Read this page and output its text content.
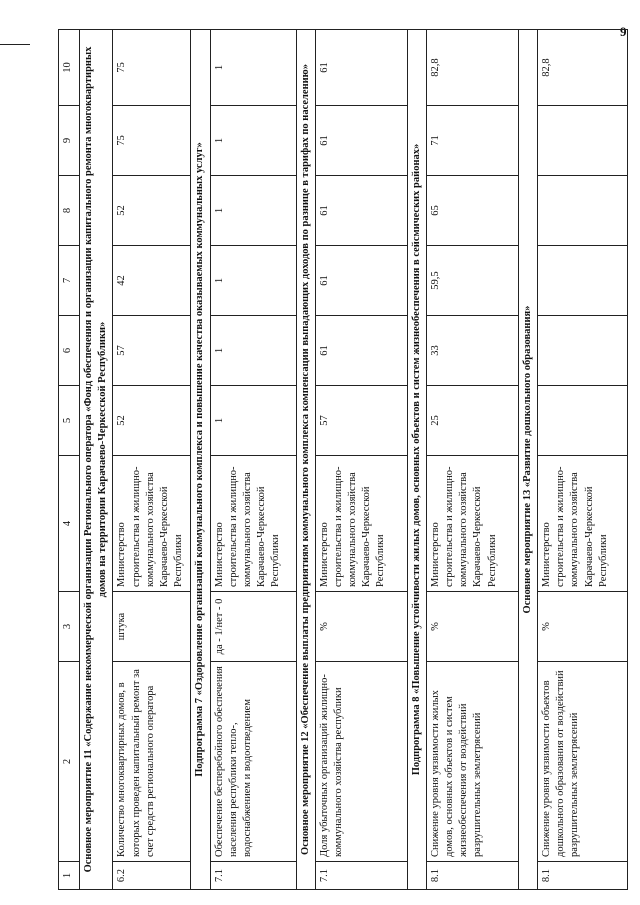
9
1	2	3	4	5	6	7	8	9	10
Основное мероприятие 11 «Содержание некоммерческой организации Регионального оператора «Фонд обеспечения и организации капитального ремонта многоквартирных домов на территории Карачаево-Черкесской Республики»									
6.2	Количество многоквартирных домов, в которых проведен капитальный ремонт за счет средств регионального оператора	штука	Министерство строительства и жилищно-коммунального хозяйства Карачаево-Черкесской Республики	52	57	42	52	75	75
Подпрограмма 7 «Оздоровление организаций коммунального комплекса и повышение качества оказываемых коммунальных услуг»									
7.1	Обеспечение бесперебойного обеспечения населения республики тепло-, водоснабжением и водоотведением	да - 1/нет - 0	Министерство строительства и жилищно-коммунального хозяйства Карачаево-Черкесской Республики	1	1	1	1	1	1
Основное мероприятие 12 «Обеспечение выплаты предприятиям коммунального комплекса компенсации выпадающих доходов по разнице в тарифах по населению»									
7.1	Доля убыточных организаций жилищно-коммунального хозяйства республики	%	Министерство строительства и жилищно-коммунального хозяйства Карачаево-Черкесской Республики	57	61	61	61	61	61
Подпрограмма 8 «Повышение устойчивости жилых домов, основных объектов и систем жизнеобеспечения в сейсмических районах»									
8.1	Снижение уровня уязвимости жилых домов, основных объектов и систем жизнеобеспечения от воздействий разрушительных землетрясений	%	Министерство строительства и жилищно-коммунального хозяйства Карачаево-Черкесской Республики	25	33	59,5	65	71	82,8
Основное мероприятие 13 «Развитие дошкольного образования»									
8.1	Снижение уровня уязвимости объектов дошкольного образования от воздействий разрушительных землетрясений	%	Министерство строительства и жилищно-коммунального хозяйства Карачаево-Черкесской Республики						82,8
